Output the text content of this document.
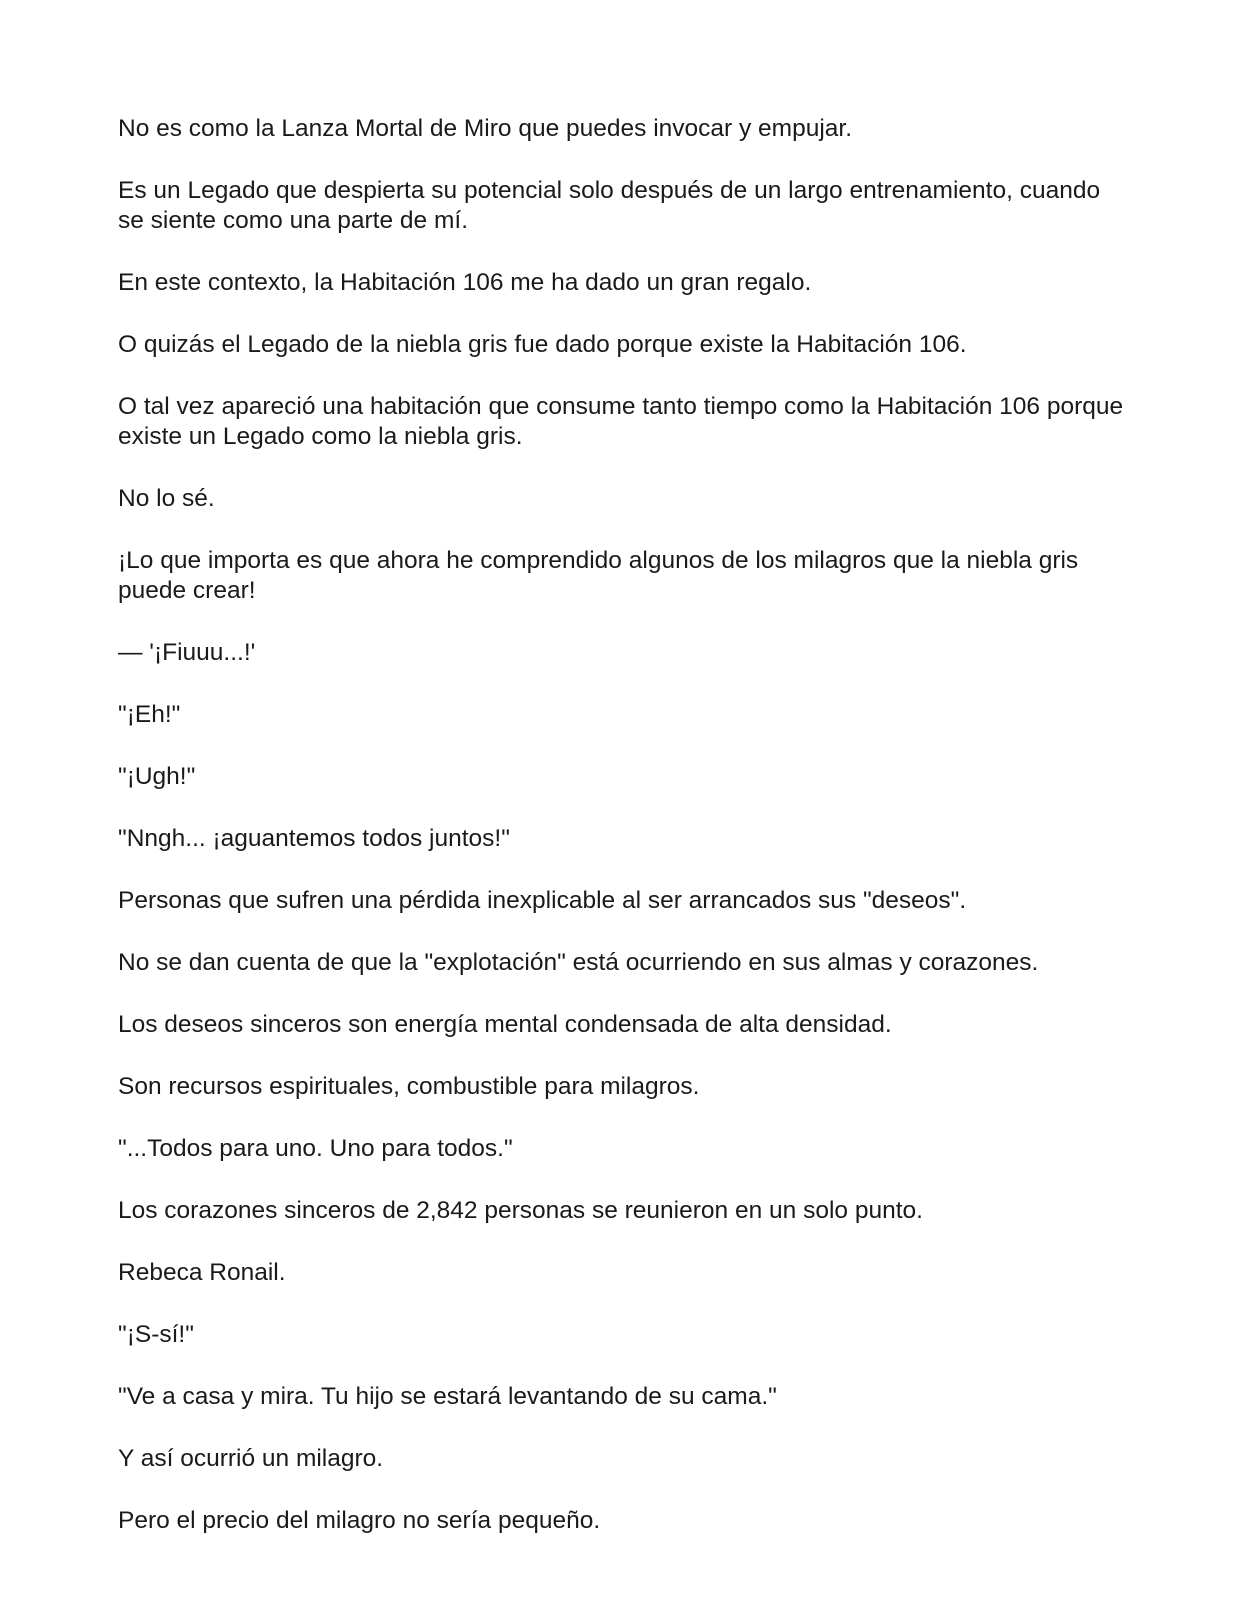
No es como la Lanza Mortal de Miro que puedes invocar y empujar.

Es un Legado que despierta su potencial solo después de un largo entrenamiento, cuando se siente como una parte de mí.

En este contexto, la Habitación 106 me ha dado un gran regalo.

O quizás el Legado de la niebla gris fue dado porque existe la Habitación 106.

O tal vez apareció una habitación que consume tanto tiempo como la Habitación 106 porque existe un Legado como la niebla gris.

No lo sé.

¡Lo que importa es que ahora he comprendido algunos de los milagros que la niebla gris puede crear!

— '¡Fiuuu...!'

"¡Eh!"

"¡Ugh!"

"Nngh... ¡aguantemos todos juntos!"

Personas que sufren una pérdida inexplicable al ser arrancados sus "deseos".

No se dan cuenta de que la "explotación" está ocurriendo en sus almas y corazones.

Los deseos sinceros son energía mental condensada de alta densidad.

Son recursos espirituales, combustible para milagros.

"...Todos para uno. Uno para todos."

Los corazones sinceros de 2,842 personas se reunieron en un solo punto.

Rebeca Ronail.

"¡S-sí!"

"Ve a casa y mira. Tu hijo se estará levantando de su cama."

Y así ocurrió un milagro.

Pero el precio del milagro no sería pequeño.
